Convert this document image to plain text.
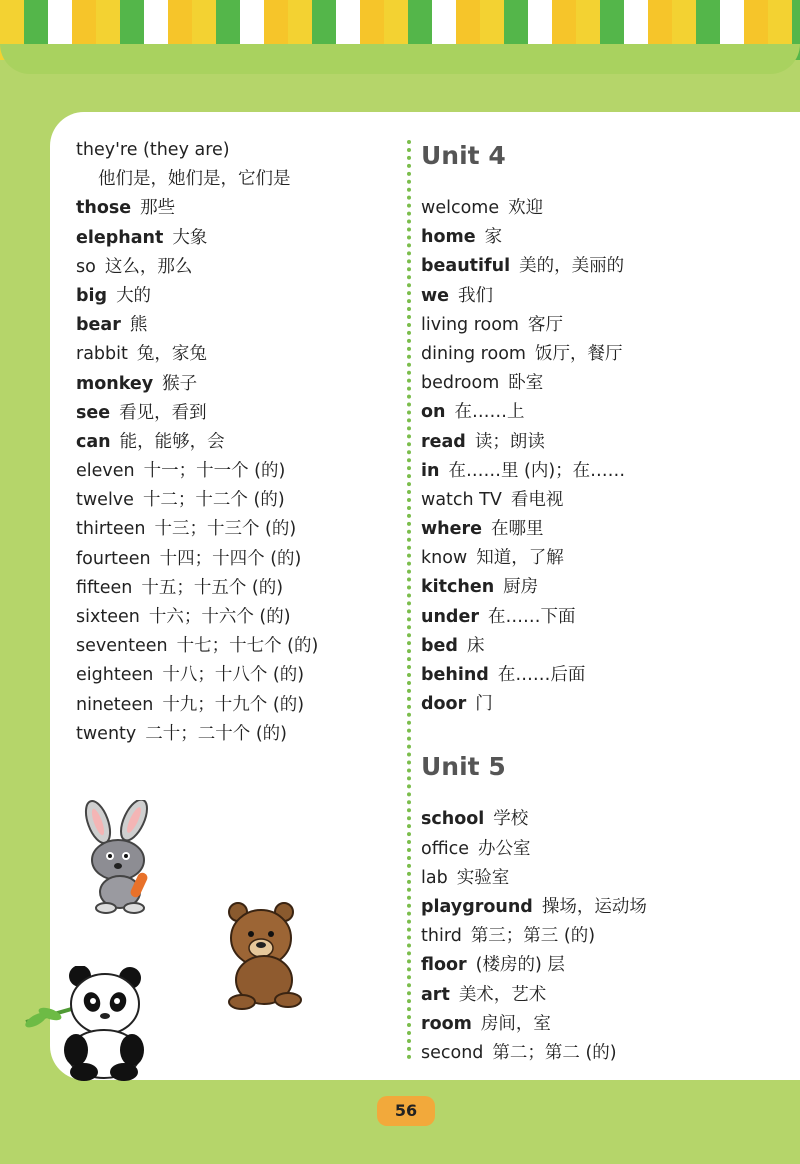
they're (they are)
他们是，她们是，它们是
those 那些
elephant 大象
so 这么，那么
big 大的
bear 熊
rabbit 兔，家兔
monkey 猴子
see 看见，看到
can 能，能够，会
eleven 十一；十一个 (的)
twelve 十二；十二个 (的)
thirteen 十三；十三个 (的)
fourteen 十四；十四个 (的)
fifteen 十五；十五个 (的)
sixteen 十六；十六个 (的)
seventeen 十七；十七个 (的)
eighteen 十八；十八个 (的)
nineteen 十九；十九个 (的)
twenty 二十；二十个 (的)
Unit 4
welcome 欢迎
home 家
beautiful 美的，美丽的
we 我们
living room 客厅
dining room 饭厅，餐厅
bedroom 卧室
on 在……上
read 读；朗读
in 在……里 (内)；在……
watch TV 看电视
where 在哪里
know 知道，了解
kitchen 厨房
under 在……下面
bed 床
behind 在……后面
door 门
Unit 5
school 学校
office 办公室
lab 实验室
playground 操场，运动场
third 第三；第三 (的)
floor (楼房的) 层
art 美术，艺术
room 房间，室
second 第二；第二 (的)
56
